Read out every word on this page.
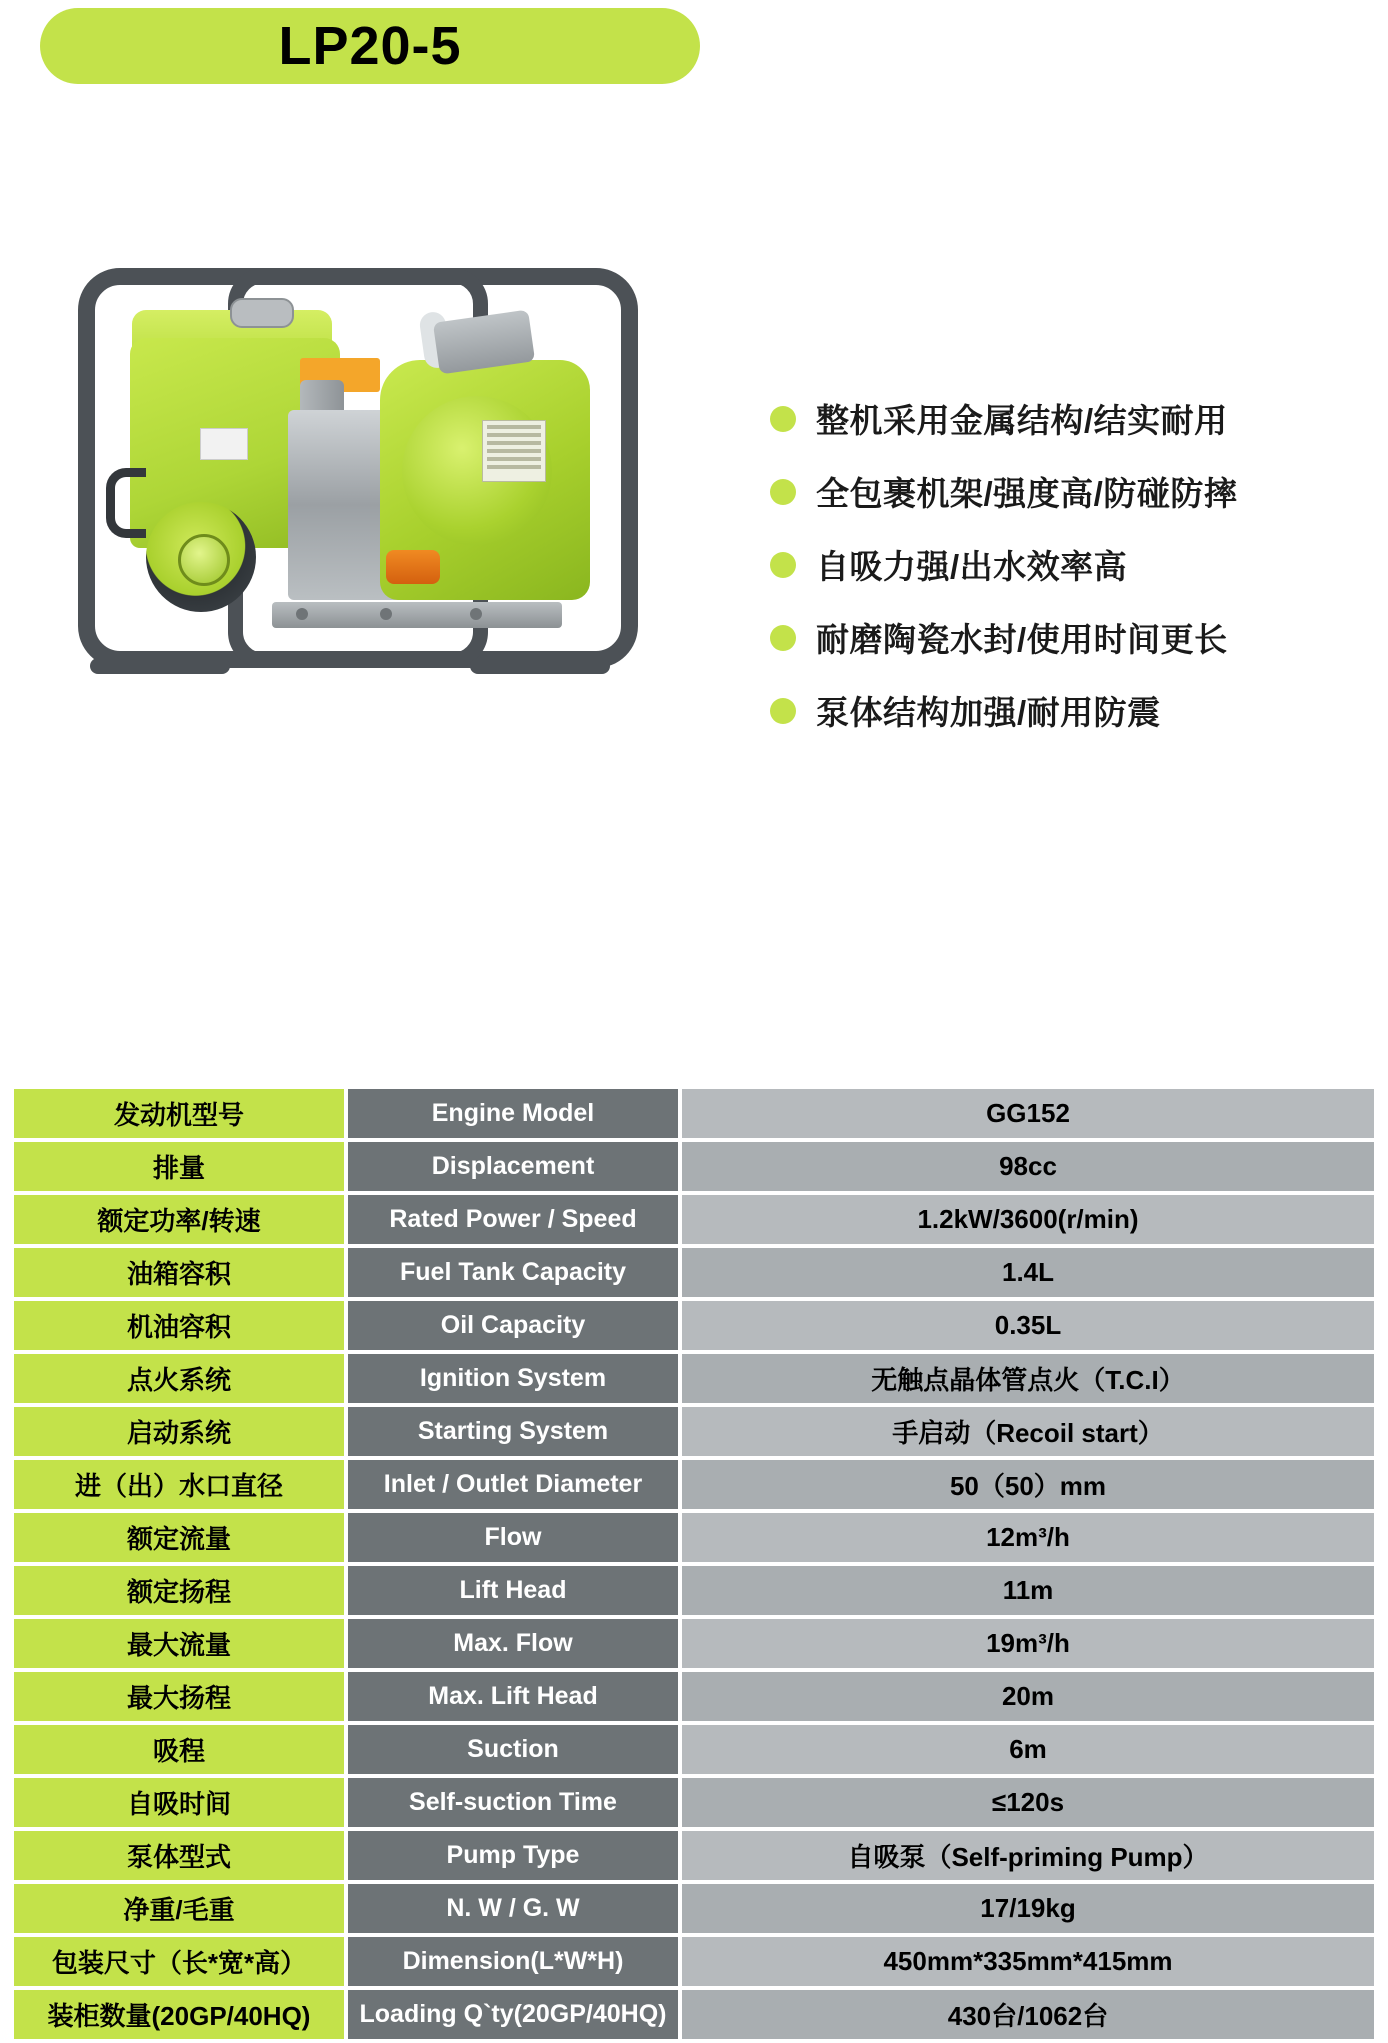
LP20-5
整机采用金属结构/结实耐用
全包裹机架/强度高/防碰防摔
自吸力强/出水效率高
耐磨陶瓷水封/使用时间更长
泵体结构加强/耐用防震
发动机型号	Engine Model	GG152
排量	Displacement	98cc
额定功率/转速	Rated Power / Speed	1.2kW/3600(r/min)
油箱容积	Fuel Tank Capacity	1.4L
机油容积	Oil Capacity	0.35L
点火系统	Ignition System	无触点晶体管点火（T.C.I）
启动系统	Starting System	手启动（Recoil start）
进（出）水口直径	Inlet / Outlet Diameter	50（50）mm
额定流量	Flow	12m³/h
额定扬程	Lift Head	11m
最大流量	Max. Flow	19m³/h
最大扬程	Max. Lift Head	20m
吸程	Suction	6m
自吸时间	Self-suction Time	≤120s
泵体型式	Pump Type	自吸泵（Self-priming Pump）
净重/毛重	N. W / G. W	17/19kg
包装尺寸（长*宽*高）	Dimension(L*W*H)	450mm*335mm*415mm
装柜数量(20GP/40HQ)	Loading Q`ty(20GP/40HQ)	430台/1062台
